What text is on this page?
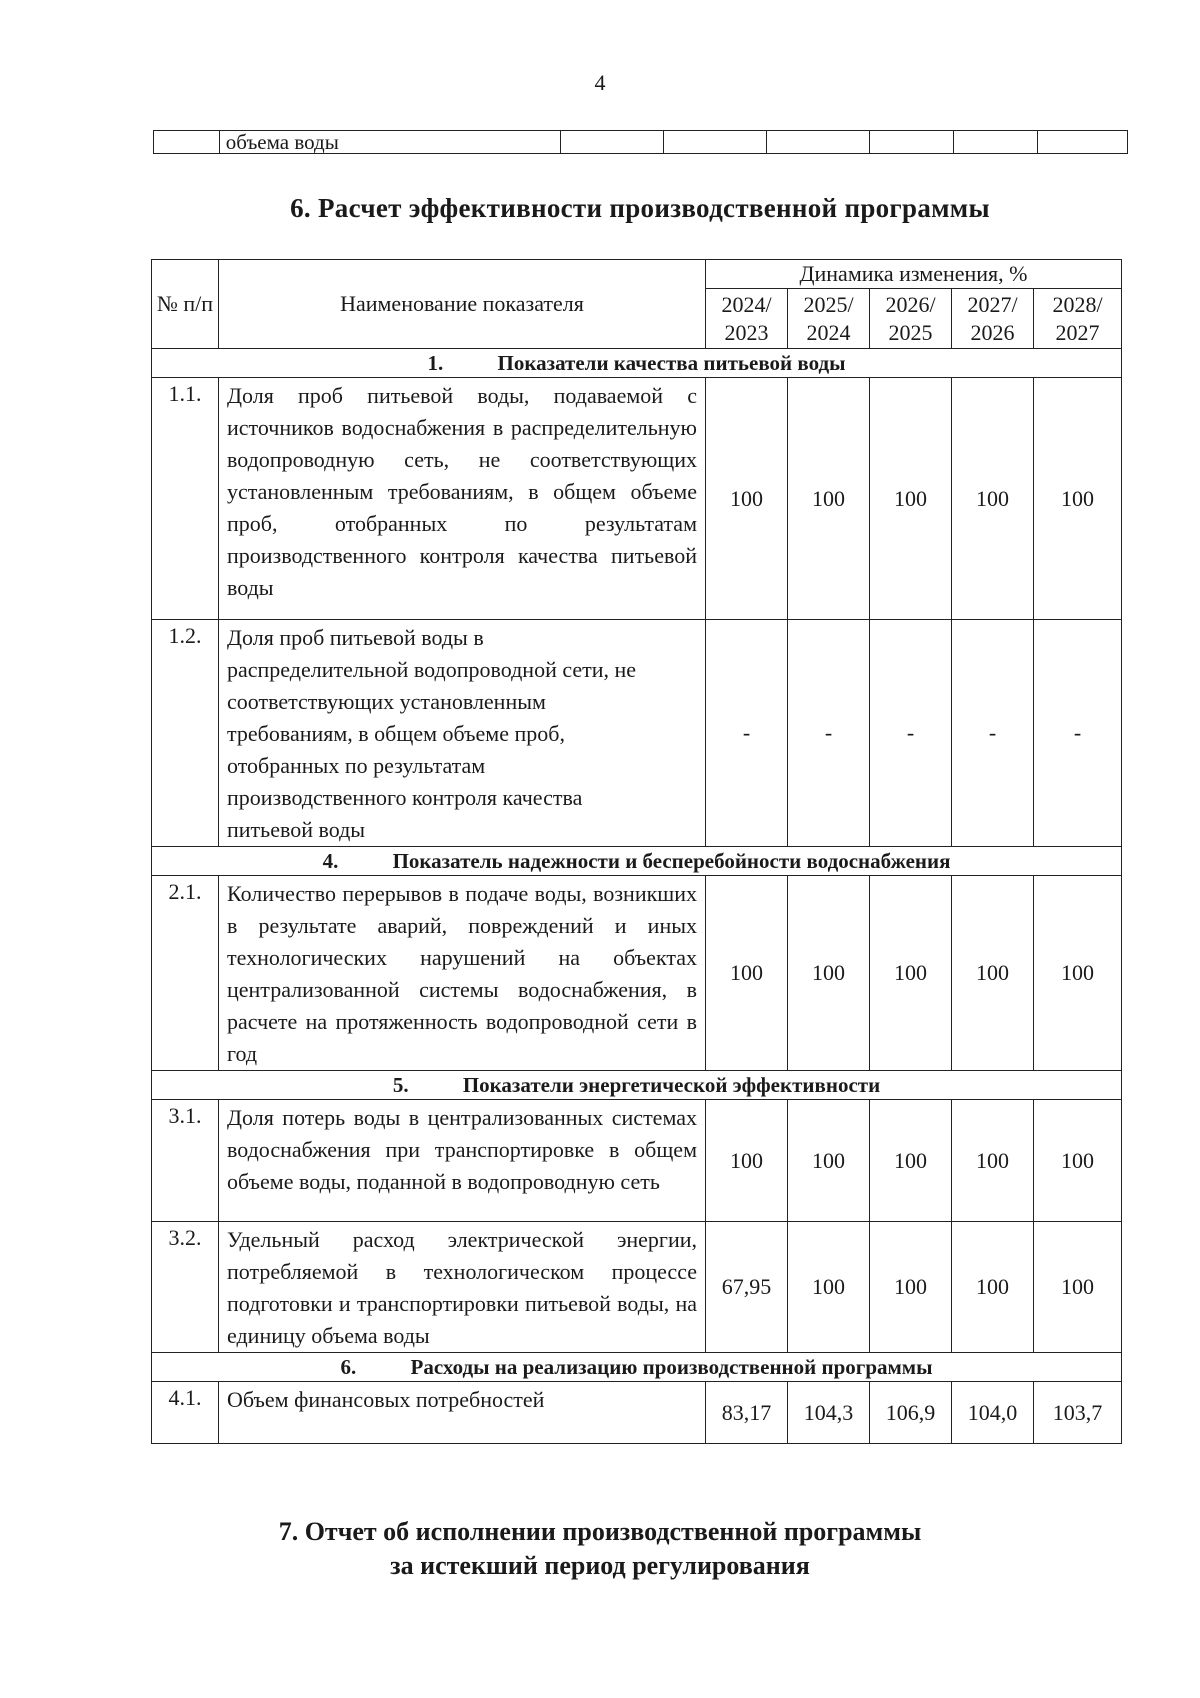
4
	объема воды						
6. Расчет эффективности производственной программы
№ п/п	Наименование показателя	Динамика изменения, %				
		2024/ 2023	2025/ 2024	2026/ 2025	2027/ 2026	2028/ 2027
1. Показатели качества питьевой воды						
1.1.	Доля проб питьевой воды, подаваемой с источников водоснабжения в распределительную водопроводную сеть, не соответствующих установленным требованиям, в общем объеме проб, отобранных по результатам производственного контроля качества питьевой воды	100	100	100	100	100
1.2.	Доля проб питьевой воды в распределительной водопроводной сети, не соответствующих установленным требованиям, в общем объеме проб, отобранных по результатам производственного контроля качества питьевой воды	-	-	-	-	-
4. Показатель надежности и бесперебойности водоснабжения						
2.1.	Количество перерывов в подаче воды, возникших в результате аварий, повреждений и иных технологических нарушений на объектах централизованной системы водоснабжения, в расчете на протяженность водопроводной сети в год	100	100	100	100	100
5. Показатели энергетической эффективности						
3.1.	Доля потерь воды в централизованных системах водоснабжения при транспортировке в общем объеме воды, поданной в водопроводную сеть	100	100	100	100	100
3.2.	Удельный расход электрической энергии, потребляемой в технологическом процессе подготовки и транспортировки питьевой воды, на единицу объема воды	67,95	100	100	100	100
6. Расходы на реализацию производственной программы						
4.1.	Объем финансовых потребностей	83,17	104,3	106,9	104,0	103,7
7. Отчет об исполнении производственной программы
за истекший период регулирования
